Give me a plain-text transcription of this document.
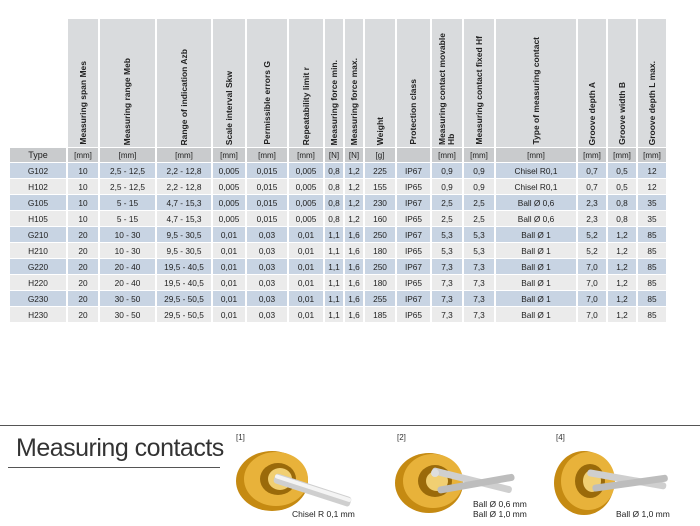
	Measuring span Mes	Measuring range Meb	Range of indication Azb	Scale interval Skw	Permissible errors G	Repeatability limit r	Measuring force min.	Measuring force max.	Weight	Protection class	Measuring contact movable Hb	Measuring contact fixed Hf	Type of measuring contact	Groove depth A	Groove width B	Groove depth L max.
Type	[mm]	[mm]	[mm]	[mm]	[mm]	[mm]	[N]	[N]	[g]		[mm]	[mm]	[mm]	[mm]	[mm]	[mm]
G102	10	2,5 - 12,5	2,2 - 12,8	0,005	0,015	0,005	0,8	1,2	225	IP67	0,9	0,9	Chisel R0,1	0,7	0,5	12
H102	10	2,5 - 12,5	2,2 - 12,8	0,005	0,015	0,005	0,8	1,2	155	IP65	0,9	0,9	Chisel R0,1	0,7	0,5	12
G105	10	5 - 15	4,7 - 15,3	0,005	0,015	0,005	0,8	1,2	230	IP67	2,5	2,5	Ball Ø 0,6	2,3	0,8	35
H105	10	5 - 15	4,7 - 15,3	0,005	0,015	0,005	0,8	1,2	160	IP65	2,5	2,5	Ball Ø 0,6	2,3	0,8	35
G210	20	10 - 30	9,5 - 30,5	0,01	0,03	0,01	1,1	1,6	250	IP67	5,3	5,3	Ball Ø 1	5,2	1,2	85
H210	20	10 - 30	9,5 - 30,5	0,01	0,03	0,01	1,1	1,6	180	IP65	5,3	5,3	Ball Ø 1	5,2	1,2	85
G220	20	20 - 40	19,5 - 40,5	0,01	0,03	0,01	1,1	1,6	250	IP67	7,3	7,3	Ball Ø 1	7,0	1,2	85
H220	20	20 - 40	19,5 - 40,5	0,01	0,03	0,01	1,1	1,6	180	IP65	7,3	7,3	Ball Ø 1	7,0	1,2	85
G230	20	30 - 50	29,5 - 50,5	0,01	0,03	0,01	1,1	1,6	255	IP67	7,3	7,3	Ball Ø 1	7,0	1,2	85
H230	20	30 - 50	29,5 - 50,5	0,01	0,03	0,01	1,1	1,6	185	IP65	7,3	7,3	Ball Ø 1	7,0	1,2	85
Measuring contacts [1]
Chisel R 0,1 mm
[2]
Ball Ø 0,6 mm
Ball Ø 1,0 mm
[4]
Ball Ø 1,0 mm
